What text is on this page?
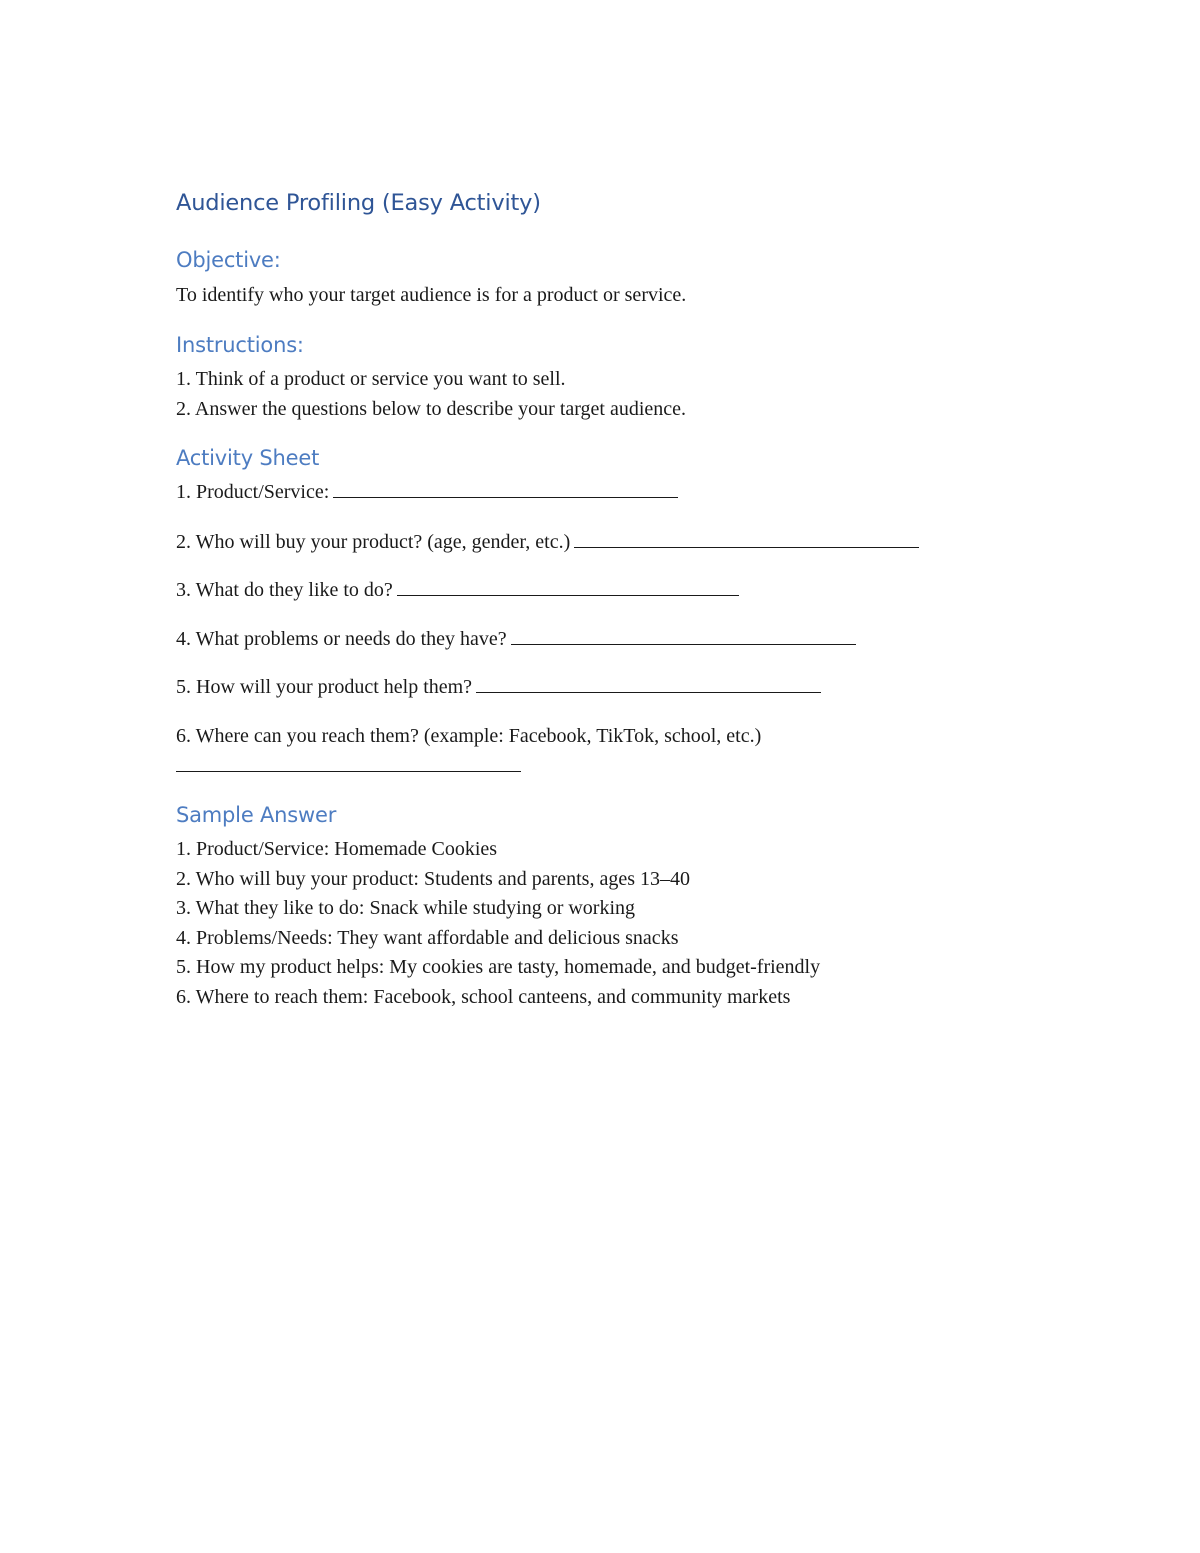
Audience Profiling (Easy Activity)
Objective:
To identify who your target audience is for a product or service.
Instructions:
1. Think of a product or service you want to sell.
2. Answer the questions below to describe your target audience.
Activity Sheet
1. Product/Service:
2. Who will buy your product? (age, gender, etc.)
3. What do they like to do?
4. What problems or needs do they have?
5. How will your product help them?
6. Where can you reach them? (example: Facebook, TikTok, school, etc.)
Sample Answer
1. Product/Service: Homemade Cookies
2. Who will buy your product: Students and parents, ages 13–40
3. What they like to do: Snack while studying or working
4. Problems/Needs: They want affordable and delicious snacks
5. How my product helps: My cookies are tasty, homemade, and budget-friendly
6. Where to reach them: Facebook, school canteens, and community markets
